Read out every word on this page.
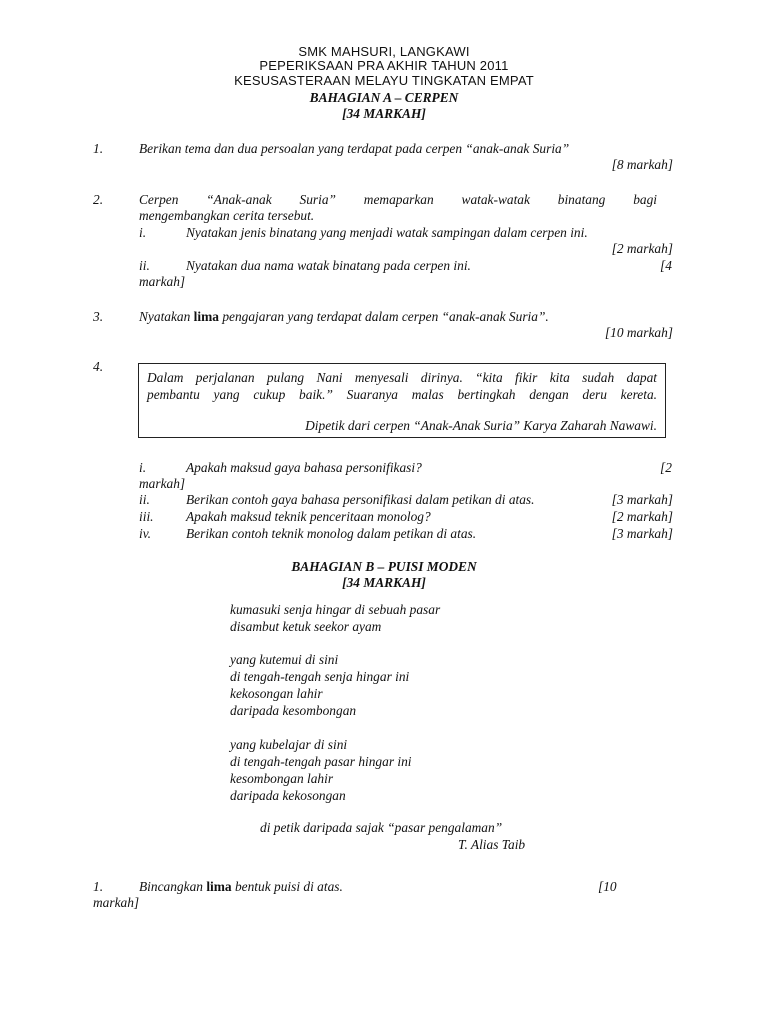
SMK MAHSURI, LANGKAWI
PEPERIKSAAN PRA AKHIR TAHUN 2011
KESUSASTERAAN MELAYU TINGKATAN EMPAT
BAHAGIAN A – CERPEN
[34 MARKAH]
1.	Berikan tema dan dua persoalan yang terdapat pada cerpen “anak-anak Suria”
[8 markah]
2.	Cerpen “Anak-anak Suria” memaparkan watak-watak binatang bagi
mengembangkan cerita tersebut.
i.	Nyatakan jenis binatang yang menjadi watak sampingan dalam cerpen ini.
[2 markah]
ii.	Nyatakan dua nama watak binatang pada cerpen ini.	[4
markah]
3.	Nyatakan lima pengajaran yang terdapat dalam cerpen “anak-anak Suria”.
[10 markah]
4.
Dalam perjalanan pulang Nani menyesali dirinya. “kita fikir kita sudah dapat
pembantu yang cukup baik.” Suaranya malas bertingkah dengan deru kereta.
Dipetik dari cerpen “Anak-Anak Suria” Karya Zaharah Nawawi.
i.	Apakah maksud gaya bahasa personifikasi?	[2
markah]
ii.	Berikan contoh gaya bahasa personifikasi dalam petikan di atas.	[3 markah]
iii. Apakah maksud teknik penceritaan monolog?	[2 markah]
iv.	Berikan contoh teknik monolog dalam petikan di atas.	[3 markah]
BAHAGIAN B – PUISI MODEN
[34 MARKAH]
kumasuki senja hingar di sebuah pasar
disambut ketuk seekor ayam
yang kutemui di sini
di tengah-tengah senja hingar ini
kekosongan lahir
daripada kesombongan
yang kubelajar di sini
di tengah-tengah pasar hingar ini
kesombongan lahir
daripada kekosongan
di petik daripada sajak “pasar pengalaman”
T. Alias Taib
1.	Bincangkan lima bentuk puisi di atas.	[10
markah]
